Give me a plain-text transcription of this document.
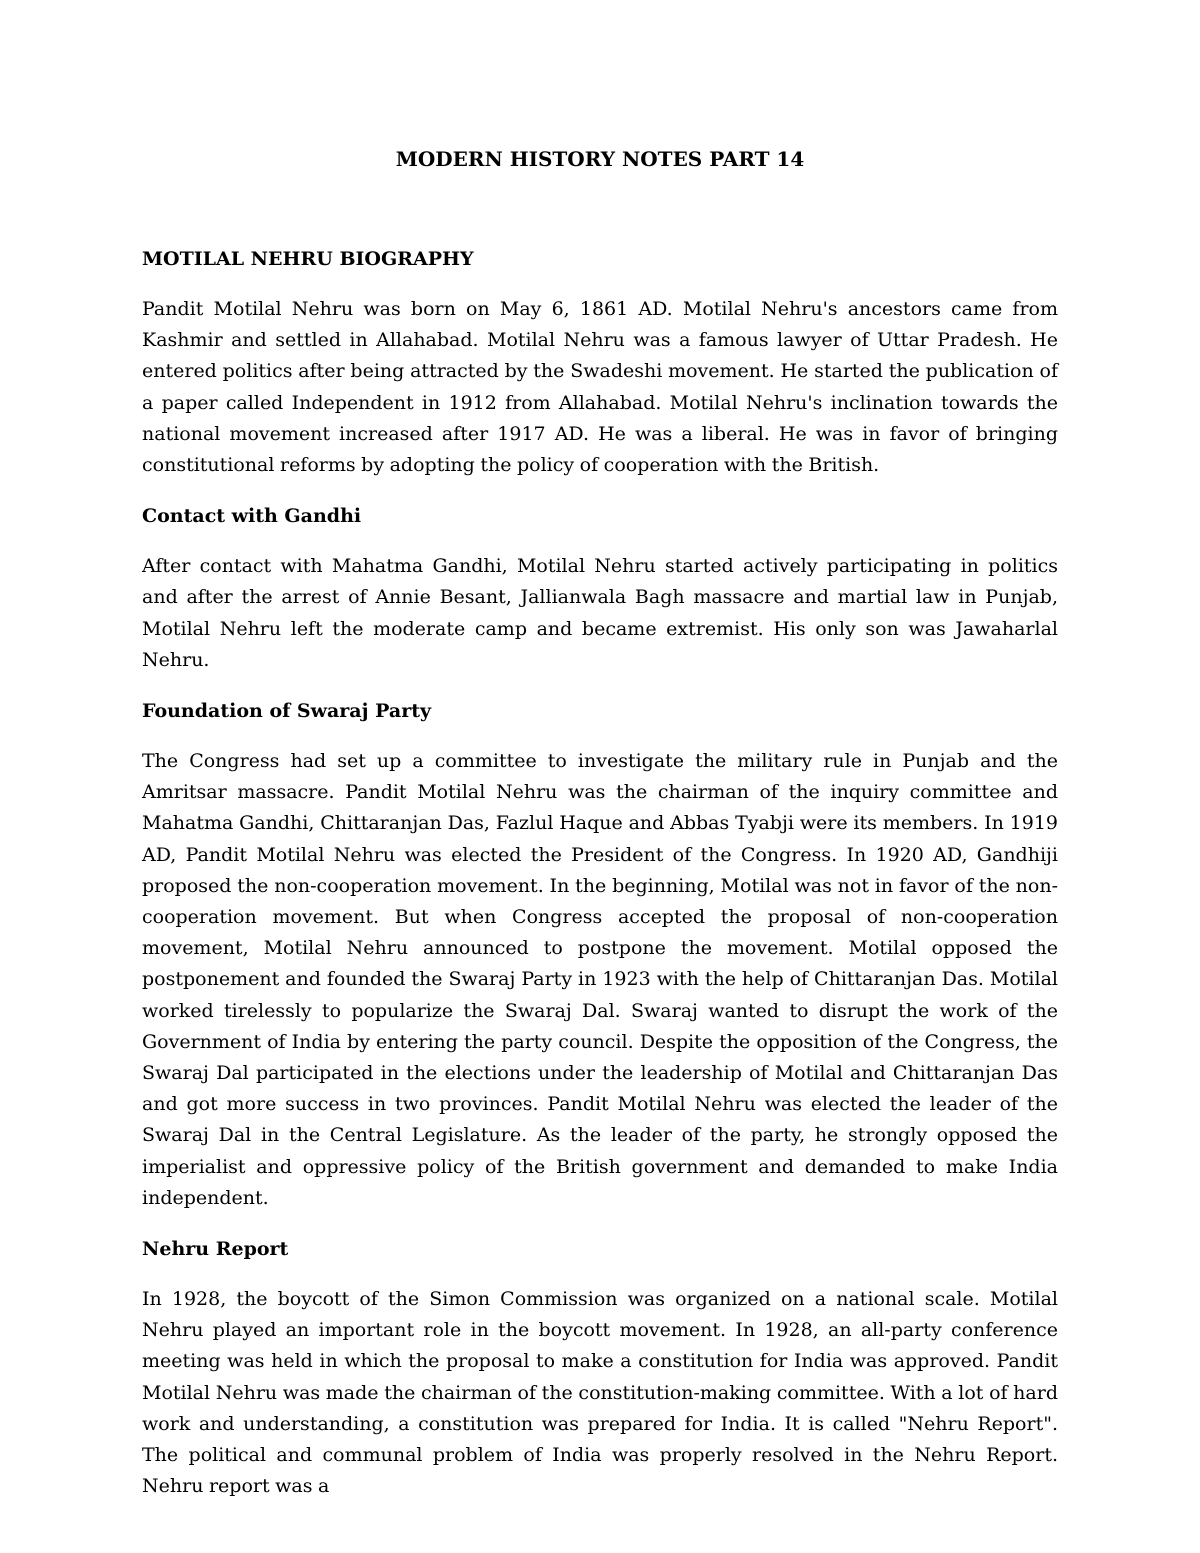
MODERN HISTORY NOTES PART 14
MOTILAL NEHRU BIOGRAPHY

Pandit Motilal Nehru was born on May 6, 1861 AD. Motilal Nehru's ancestors came from Kashmir and settled in Allahabad. Motilal Nehru was a famous lawyer of Uttar Pradesh. He entered politics after being attracted by the Swadeshi movement. He started the publication of a paper called Independent in 1912 from Allahabad. Motilal Nehru's inclination towards the national movement increased after 1917 AD. He was a liberal. He was in favor of bringing constitutional reforms by adopting the policy of cooperation with the British.

Contact with Gandhi

After contact with Mahatma Gandhi, Motilal Nehru started actively participating in politics and after the arrest of Annie Besant, Jallianwala Bagh massacre and martial law in Punjab, Motilal Nehru left the moderate camp and became extremist. His only son was Jawaharlal Nehru.

Foundation of Swaraj Party

The Congress had set up a committee to investigate the military rule in Punjab and the Amritsar massacre. Pandit Motilal Nehru was the chairman of the inquiry committee and Mahatma Gandhi, Chittaranjan Das, Fazlul Haque and Abbas Tyabji were its members. In 1919 AD, Pandit Motilal Nehru was elected the President of the Congress. In 1920 AD, Gandhiji proposed the non-cooperation movement. In the beginning, Motilal was not in favor of the non-cooperation movement. But when Congress accepted the proposal of non-cooperation movement, Motilal Nehru announced to postpone the movement. Motilal opposed the postponement and founded the Swaraj Party in 1923 with the help of Chittaranjan Das. Motilal worked tirelessly to popularize the Swaraj Dal. Swaraj wanted to disrupt the work of the Government of India by entering the party council. Despite the opposition of the Congress, the Swaraj Dal participated in the elections under the leadership of Motilal and Chittaranjan Das and got more success in two provinces. Pandit Motilal Nehru was elected the leader of the Swaraj Dal in the Central Legislature. As the leader of the party, he strongly opposed the imperialist and oppressive policy of the British government and demanded to make India independent.

Nehru Report

In 1928, the boycott of the Simon Commission was organized on a national scale. Motilal Nehru played an important role in the boycott movement. In 1928, an all-party conference meeting was held in which the proposal to make a constitution for India was approved. Pandit Motilal Nehru was made the chairman of the constitution-making committee. With a lot of hard work and understanding, a constitution was prepared for India. It is called "Nehru Report". The political and communal problem of India was properly resolved in the Nehru Report. Nehru report was a
